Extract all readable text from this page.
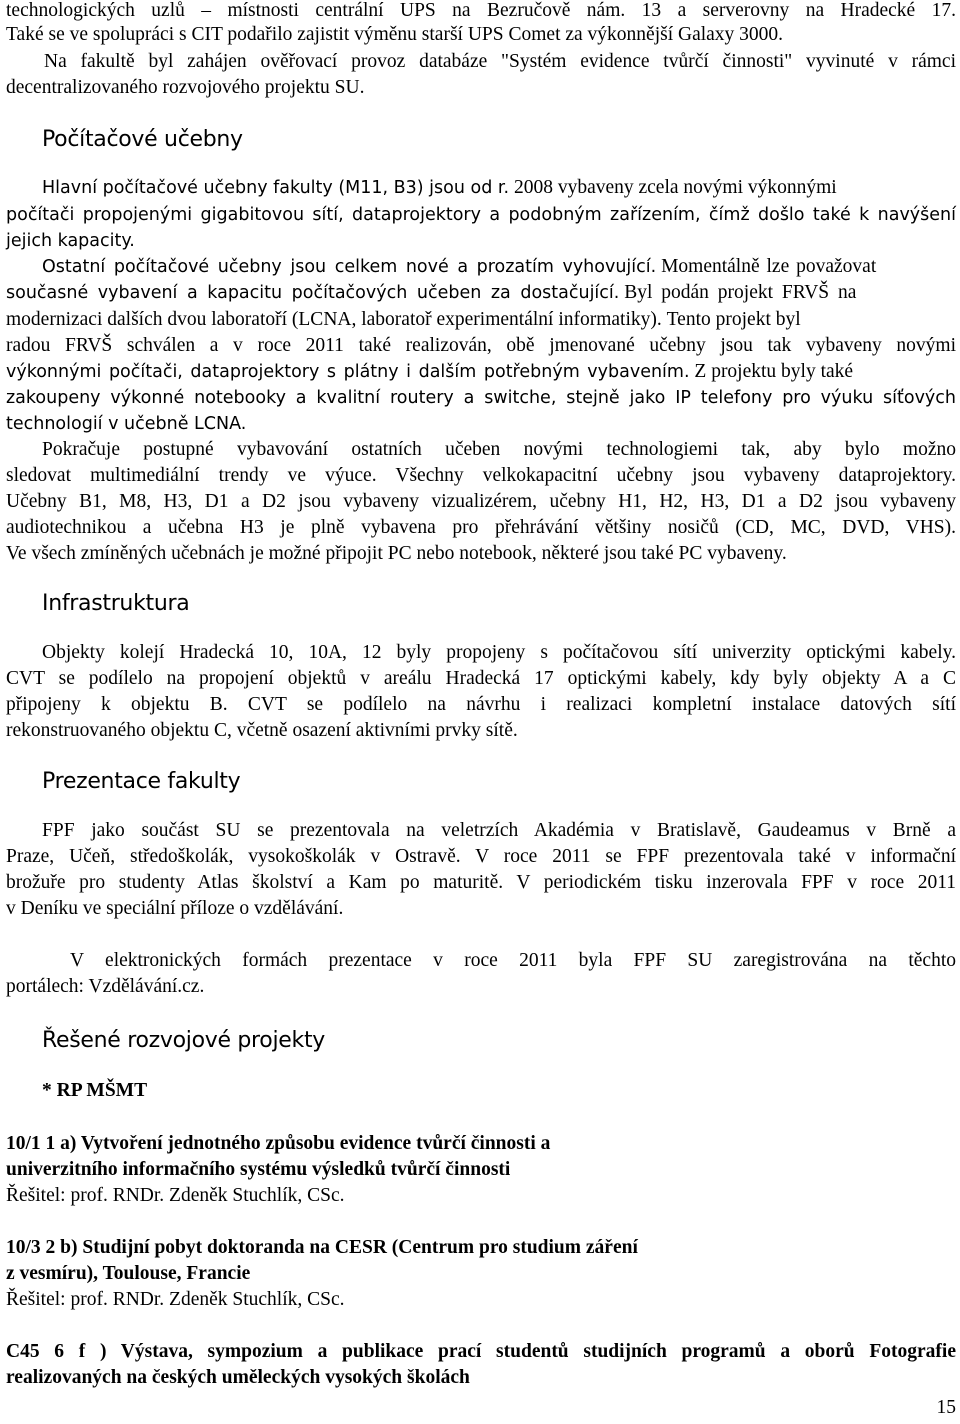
technologických uzlů – místnosti centrální UPS na Bezručově nám. 13 a serverovny na Hradecké 17.
Také se ve spolupráci s CIT podařilo zajistit výměnu starší UPS Comet za výkonnější Galaxy 3000.
Na fakultě byl zahájen ověřovací provoz databáze "Systém evidence tvůrčí činnosti" vyvinuté v rámci
decentralizovaného rozvojového projektu SU.
Počítačové učebny
Hlavní počítačové učebny fakulty (M11, B3) jsou od r. 2008 vybaveny zcela novými výkonnými
počítači propojenými gigabitovou sítí, dataprojektory a podobným zařízením, čímž došlo také k navýšení
jejich kapacity.
Ostatní počítačové učebny jsou celkem nové a prozatím vyhovující. Momentálně lze považovat
současné vybavení a kapacitu počítačových učeben za dostačující. Byl podán projekt FRVŠ na
modernizaci dalších dvou laboratoří (LCNA, laboratoř experimentální informatiky). Tento projekt byl
radou FRVŠ schválen a v roce 2011 také realizován, obě jmenované učebny jsou tak vybaveny novými
výkonnými počítači, dataprojektory s plátny i dalším potřebným vybavením. Z projektu byly také
zakoupeny výkonné notebooky a kvalitní routery a switche, stejně jako IP telefony pro výuku síťových
technologií v učebně LCNA.
Pokračuje postupné vybavování ostatních učeben novými technologiemi tak, aby bylo možno
sledovat multimediální trendy ve výuce. Všechny velkokapacitní učebny jsou vybaveny dataprojektory.
Učebny B1, M8, H3, D1 a D2 jsou vybaveny vizualizérem, učebny H1, H2, H3, D1 a D2 jsou vybaveny
audiotechnikou a učebna H3 je plně vybavena pro přehrávání většiny nosičů (CD, MC, DVD, VHS).
Ve všech zmíněných učebnách je možné připojit PC nebo notebook, některé jsou také PC vybaveny.
Infrastruktura
Objekty kolejí Hradecká 10, 10A, 12 byly propojeny s počítačovou sítí univerzity optickými kabely.
CVT se podílelo na propojení objektů v areálu Hradecká 17 optickými kabely, kdy byly objekty A a C
připojeny k objektu B. CVT se podílelo na návrhu i realizaci kompletní instalace datových sítí
rekonstruovaného objektu C, včetně osazení aktivními prvky sítě.
Prezentace fakulty
FPF jako součást SU se prezentovala na veletrzích Akadémia v Bratislavě, Gaudeamus v Brně a
Praze, Učeň, středoškolák, vysokoškolák v Ostravě. V roce 2011 se FPF prezentovala také v informační
brožuře pro studenty Atlas školství a Kam po maturitě. V periodickém tisku inzerovala FPF v roce 2011
v Deníku ve speciální příloze o vzdělávání.
V elektronických formách prezentace v roce 2011 byla FPF SU zaregistrována na těchto
portálech: Vzdělávání.cz.
Řešené rozvojové projekty
* RP MŠMT
10/1 1 a) Vytvoření jednotného způsobu evidence tvůrčí činnosti a
univerzitního informačního systému výsledků tvůrčí činnosti
Řešitel: prof. RNDr. Zdeněk Stuchlík, CSc.
10/3 2 b) Studijní pobyt doktoranda na CESR (Centrum pro studium záření
z vesmíru), Toulouse, Francie
Řešitel: prof. RNDr. Zdeněk Stuchlík, CSc.
C45 6 f ) Výstava, sympozium a publikace prací studentů studijních programů a oborů Fotografie
realizovaných na českých uměleckých vysokých školách
15
